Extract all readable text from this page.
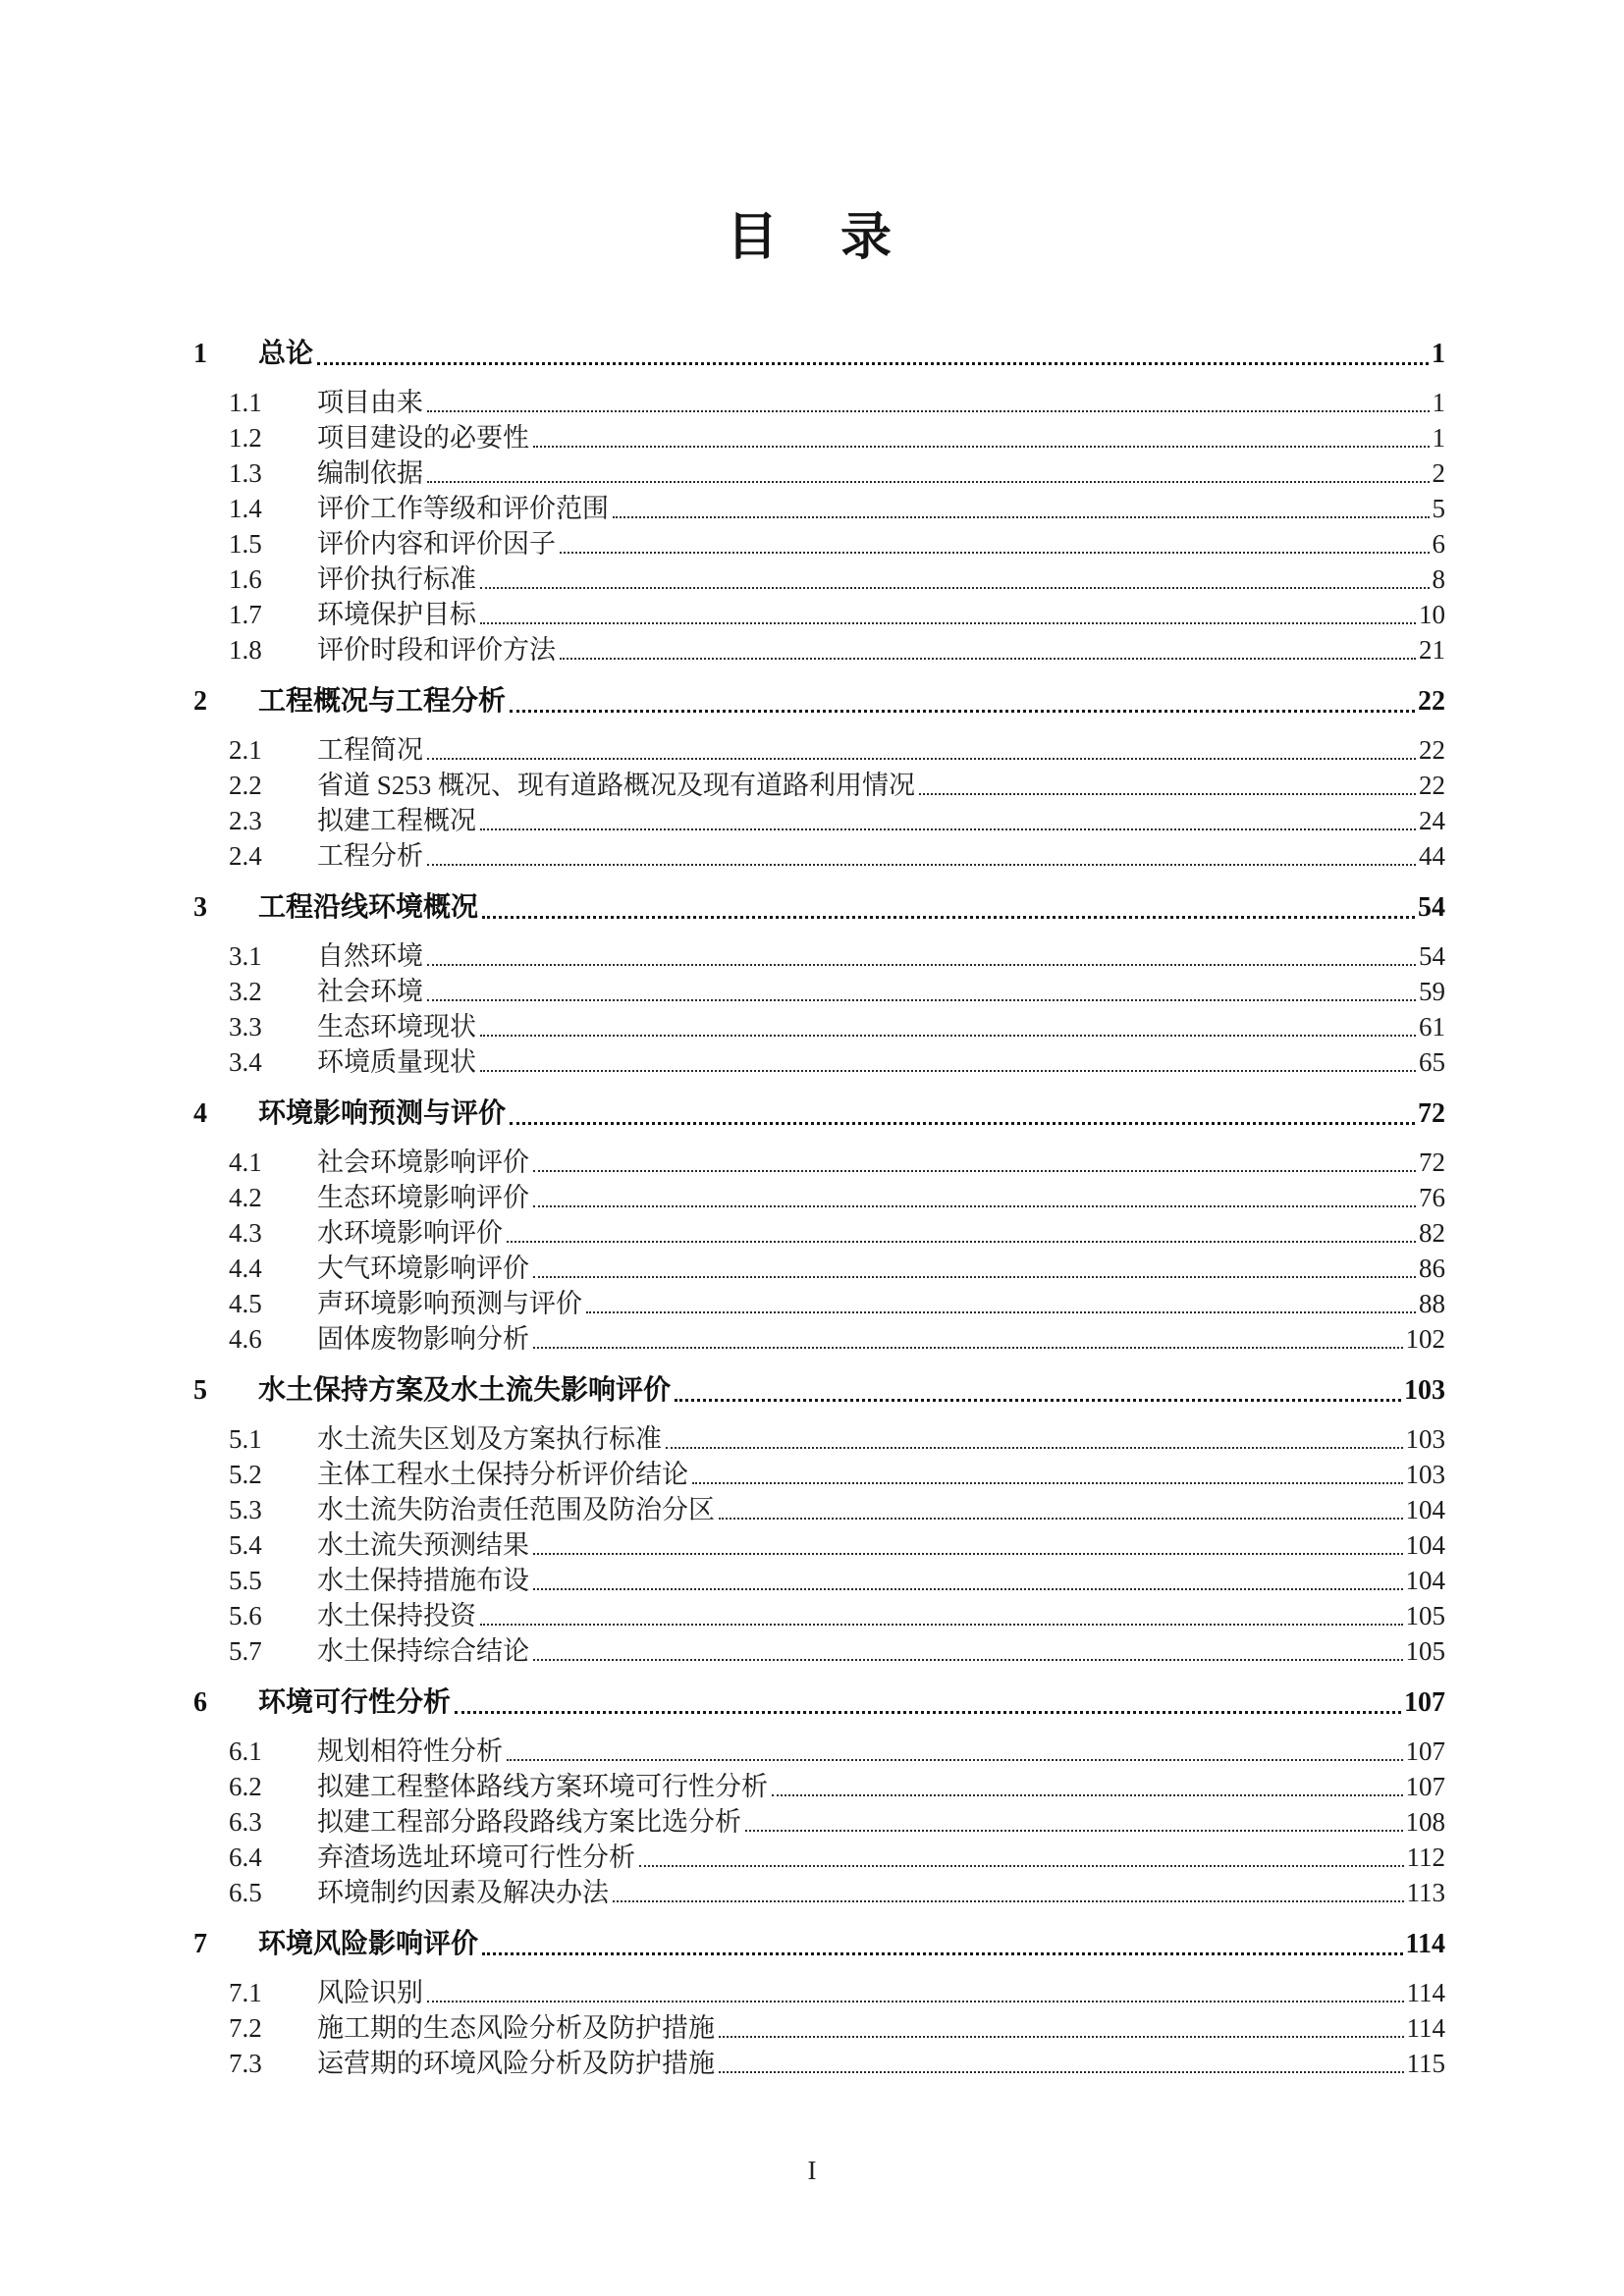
目　录
1	总论	1
1.1	项目由来	1
1.2	项目建设的必要性	1
1.3	编制依据	2
1.4	评价工作等级和评价范围	5
1.5	评价内容和评价因子	6
1.6	评价执行标准	8
1.7	环境保护目标	10
1.8	评价时段和评价方法	21
2	工程概况与工程分析	22
2.1	工程简况	22
2.2	省道 S253 概况、现有道路概况及现有道路利用情况	22
2.3	拟建工程概况	24
2.4	工程分析	44
3	工程沿线环境概况	54
3.1	自然环境	54
3.2	社会环境	59
3.3	生态环境现状	61
3.4	环境质量现状	65
4	环境影响预测与评价	72
4.1	社会环境影响评价	72
4.2	生态环境影响评价	76
4.3	水环境影响评价	82
4.4	大气环境影响评价	86
4.5	声环境影响预测与评价	88
4.6	固体废物影响分析	102
5	水土保持方案及水土流失影响评价	103
5.1	水土流失区划及方案执行标准	103
5.2	主体工程水土保持分析评价结论	103
5.3	水土流失防治责任范围及防治分区	104
5.4	水土流失预测结果	104
5.5	水土保持措施布设	104
5.6	水土保持投资	105
5.7	水土保持综合结论	105
6	环境可行性分析	107
6.1	规划相符性分析	107
6.2	拟建工程整体路线方案环境可行性分析	107
6.3	拟建工程部分路段路线方案比选分析	108
6.4	弃渣场选址环境可行性分析	112
6.5	环境制约因素及解决办法	113
7	环境风险影响评价	114
7.1	风险识别	114
7.2	施工期的生态风险分析及防护措施	114
7.3	运营期的环境风险分析及防护措施	115
I
